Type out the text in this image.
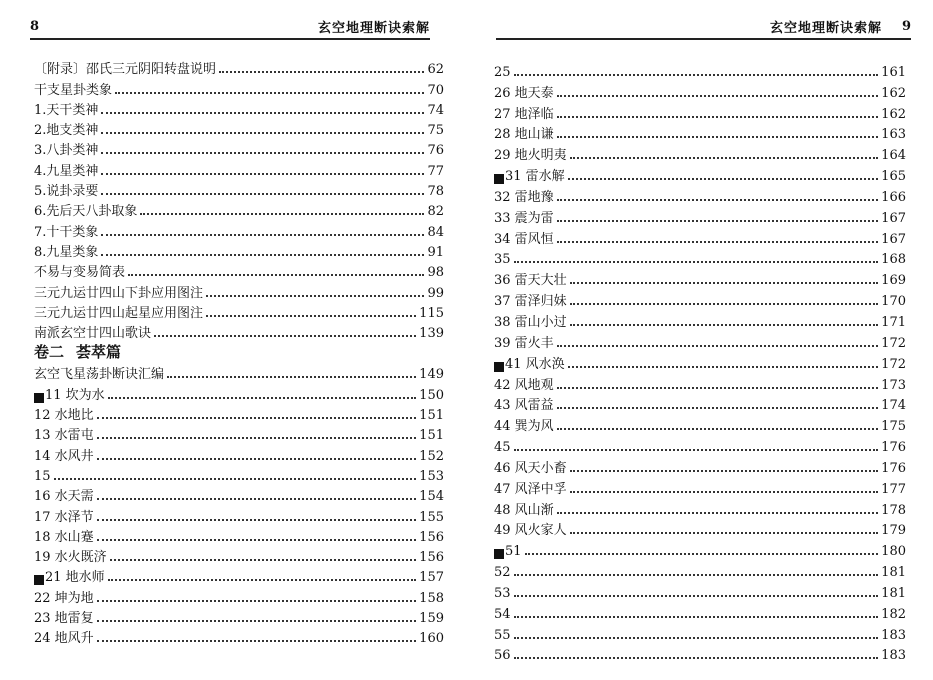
8	玄空地理断诀索解
〔附录〕邵氏三元阴阳转盘说明	62
干支星卦类象	70
1.天干类神	74
2.地支类神	75
3.八卦类神	76
4.九星类神	77
5.说卦录要	78
6.先后天八卦取象	82
7.十干类象	84
8.九星类象	91
不易与变易简表	98
三元九运廿四山下卦应用图注	99
三元九运廿四山起星应用图注	115
南派玄空廿四山歌诀	139
卷二 荟萃篇
玄空飞星荡卦断诀汇编	149
11 坎为水	150
12 水地比	151
13 水雷屯	151
14 水风井	152
15	153
16 水天需	154
17 水泽节	155
18 水山蹇	156
19 水火既济	156
21 地水师	157
22 坤为地	158
23 地雷复	159
24 地风升	160
玄空地理断诀索解 9
25	161
26 地天泰	162
27 地泽临	162
28 地山谦	163
29 地火明夷	164
31 雷水解	165
32 雷地豫	166
33 震为雷	167
34 雷风恒	167
35	168
36 雷天大壮	169
37 雷泽归妹	170
38 雷山小过	171
39 雷火丰	172
41 风水涣	172
42 风地观	173
43 风雷益	174
44 巽为风	175
45	176
46 风天小畜	176
47 风泽中孚	177
48 风山渐	178
49 风火家人	179
51	180
52	181
53	181
54	182
55	183
56	183
